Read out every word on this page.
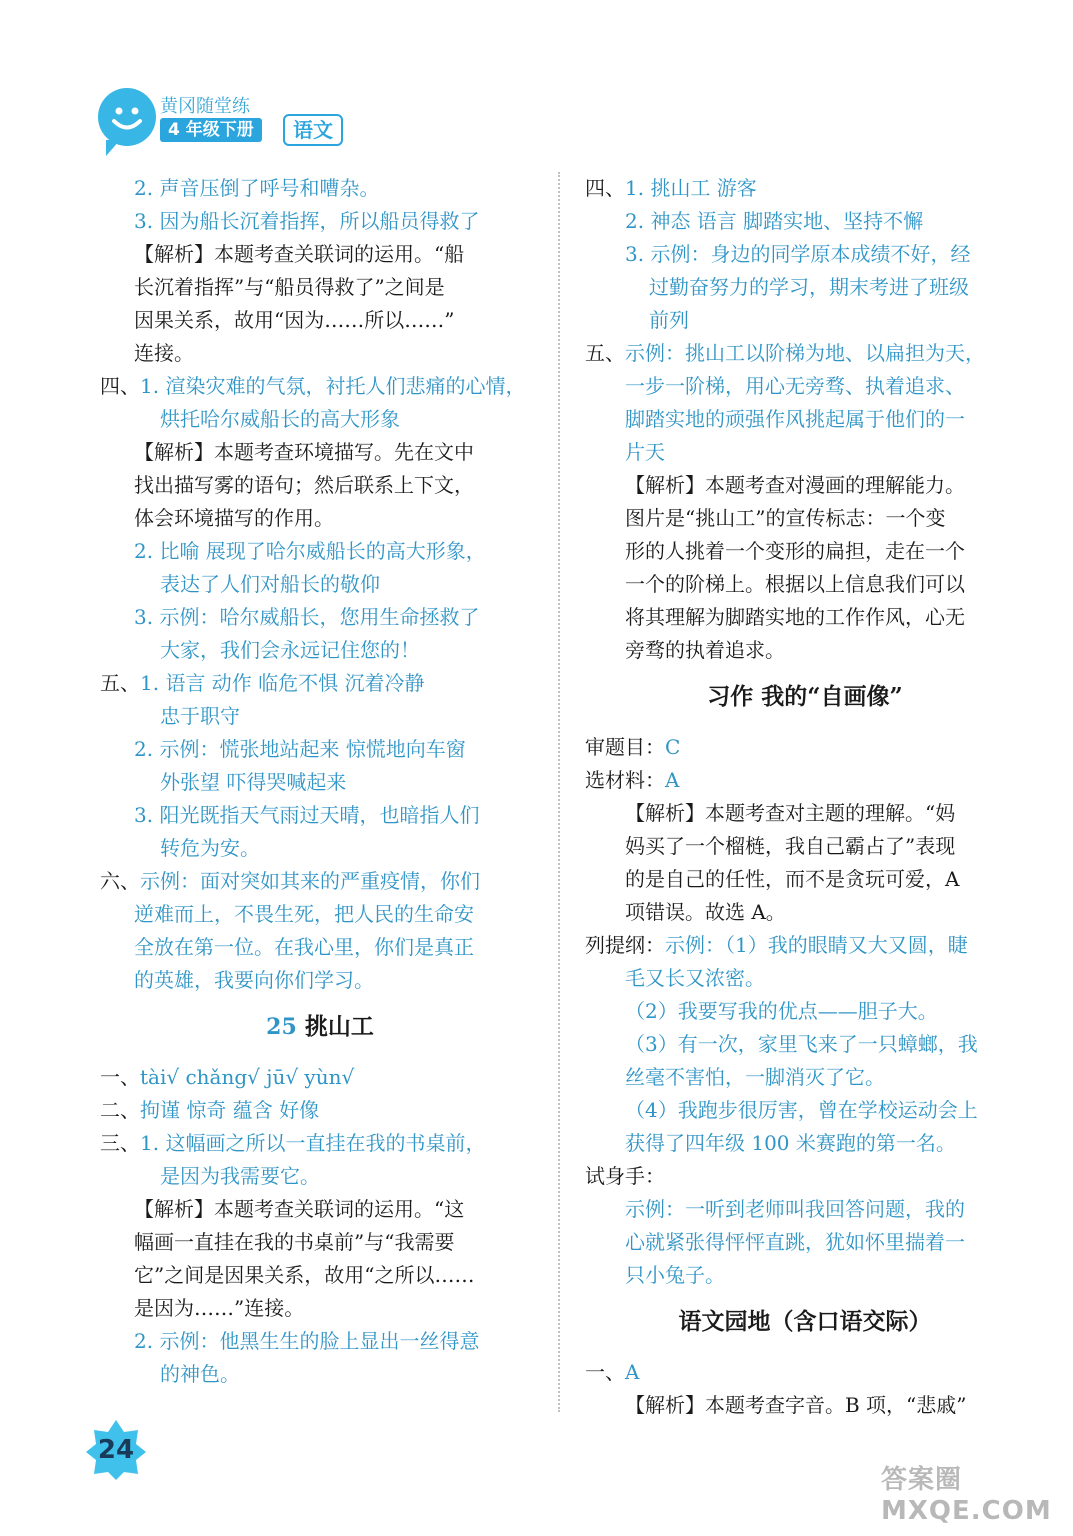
黄冈随堂练
4 年级下册	语文
2. 声音压倒了呼号和嘈杂。
3. 因为船长沉着指挥，所以船员得救了
【解析】本题考查关联词的运用。“船
长沉着指挥”与“船员得救了”之间是
因果关系，故用“因为……所以……”
连接。
四、1. 渲染灾难的气氛，衬托人们悲痛的心情，
烘托哈尔威船长的高大形象
【解析】本题考查环境描写。先在文中
找出描写雾的语句；然后联系上下文，
体会环境描写的作用。
2. 比喻 展现了哈尔威船长的高大形象，
表达了人们对船长的敬仰
3. 示例：哈尔威船长，您用生命拯救了
大家，我们会永远记住您的！
五、1. 语言 动作 临危不惧 沉着冷静
忠于职守
2. 示例：慌张地站起来 惊慌地向车窗
外张望 吓得哭喊起来
3. 阳光既指天气雨过天晴，也暗指人们
转危为安。
六、示例：面对突如其来的严重疫情，你们
逆难而上，不畏生死，把人民的生命安
全放在第一位。在我心里，你们是真正
的英雄，我要向你们学习。
25 挑山工
一、tài√ chǎng√ jū√ yùn√
二、拘谨 惊奇 蕴含 好像
三、1. 这幅画之所以一直挂在我的书桌前，
是因为我需要它。
【解析】本题考查关联词的运用。“这
幅画一直挂在我的书桌前”与“我需要
它”之间是因果关系，故用“之所以……
是因为……”连接。
2. 示例：他黑生生的脸上显出一丝得意
的神色。
四、1. 挑山工 游客
2. 神态 语言 脚踏实地、坚持不懈
3. 示例：身边的同学原本成绩不好，经
过勤奋努力的学习，期末考进了班级
前列
五、示例：挑山工以阶梯为地、以扁担为天，
一步一阶梯，用心无旁骛、执着追求、
脚踏实地的顽强作风挑起属于他们的一
片天
【解析】本题考查对漫画的理解能力。
图片是“挑山工”的宣传标志：一个变
形的人挑着一个变形的扁担，走在一个
一个的阶梯上。根据以上信息我们可以
将其理解为脚踏实地的工作作风，心无
旁骛的执着追求。
习作 我的“自画像”
审题目：C
选材料：A
【解析】本题考查对主题的理解。“妈
妈买了一个榴梿，我自己霸占了”表现
的是自己的任性，而不是贪玩可爱，A
项错误。故选 A。
列提纲：示例：（1）我的眼睛又大又圆，睫
毛又长又浓密。
（2）我要写我的优点——胆子大。
（3）有一次，家里飞来了一只蟑螂，我
丝毫不害怕，一脚消灭了它。
（4）我跑步很厉害，曾在学校运动会上
获得了四年级 100 米赛跑的第一名。
试身手：
示例：一听到老师叫我回答问题，我的
心就紧张得怦怦直跳，犹如怀里揣着一
只小兔子。
语文园地（含口语交际）
一、A
【解析】本题考查字音。B 项，“悲戚”
24
答案圈 MXQE.COM
